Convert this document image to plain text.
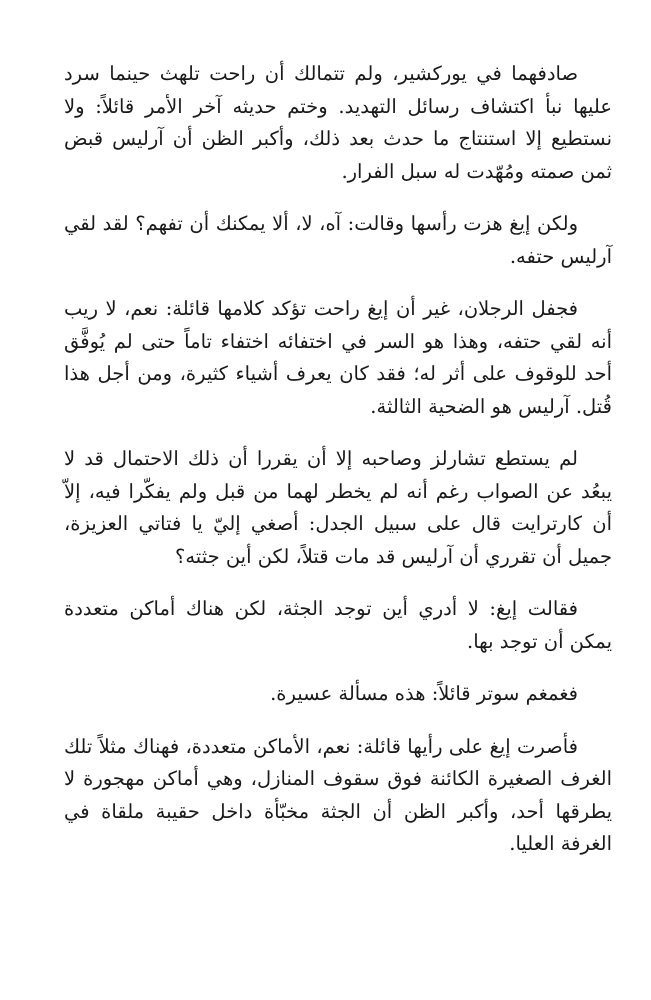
صادفهما في يوركشير، ولم تتمالك أن راحت تلهث حينما سرد عليها نبأ اكتشاف رسائل التهديد. وختم حديثه آخر الأمر قائلاً: ولا نستطيع إلا استنتاج ما حدث بعد ذلك، وأكبر الظن أن آرليس قبض ثمن صمته ومُهّدت له سبل الفرار.

ولكن إيغ هزت رأسها وقالت: آه، لا، ألا يمكنك أن تفهم؟ لقد لقي آرليس حتفه.

فجفل الرجلان، غير أن إيغ راحت تؤكد كلامها قائلة: نعم، لا ريب أنه لقي حتفه، وهذا هو السر في اختفائه اختفاء تاماً حتى لم يُوفَّق أحد للوقوف على أثر له؛ فقد كان يعرف أشياء كثيرة، ومن أجل هذا قُتل. آرليس هو الضحية الثالثة.

لم يستطع تشارلز وصاحبه إلا أن يقررا أن ذلك الاحتمال قد لا يبعُد عن الصواب رغم أنه لم يخطر لهما من قبل ولم يفكّرا فيه، إلاّ أن كارترايت قال على سبيل الجدل: أصغي إليّ يا فتاتي العزيزة، جميل أن تقرري أن آرليس قد مات قتلاً، لكن أين جثته؟

فقالت إيغ: لا أدري أين توجد الجثة، لكن هناك أماكن متعددة يمكن أن توجد بها.

فغمغم سوتر قائلاً: هذه مسألة عسيرة.

فأصرت إيغ على رأيها قائلة: نعم، الأماكن متعددة، فهناك مثلاً تلك الغرف الصغيرة الكائنة فوق سقوف المنازل، وهي أماكن مهجورة لا يطرقها أحد، وأكبر الظن أن الجثة مخبّأة داخل حقيبة ملقاة في الغرفة العليا.
